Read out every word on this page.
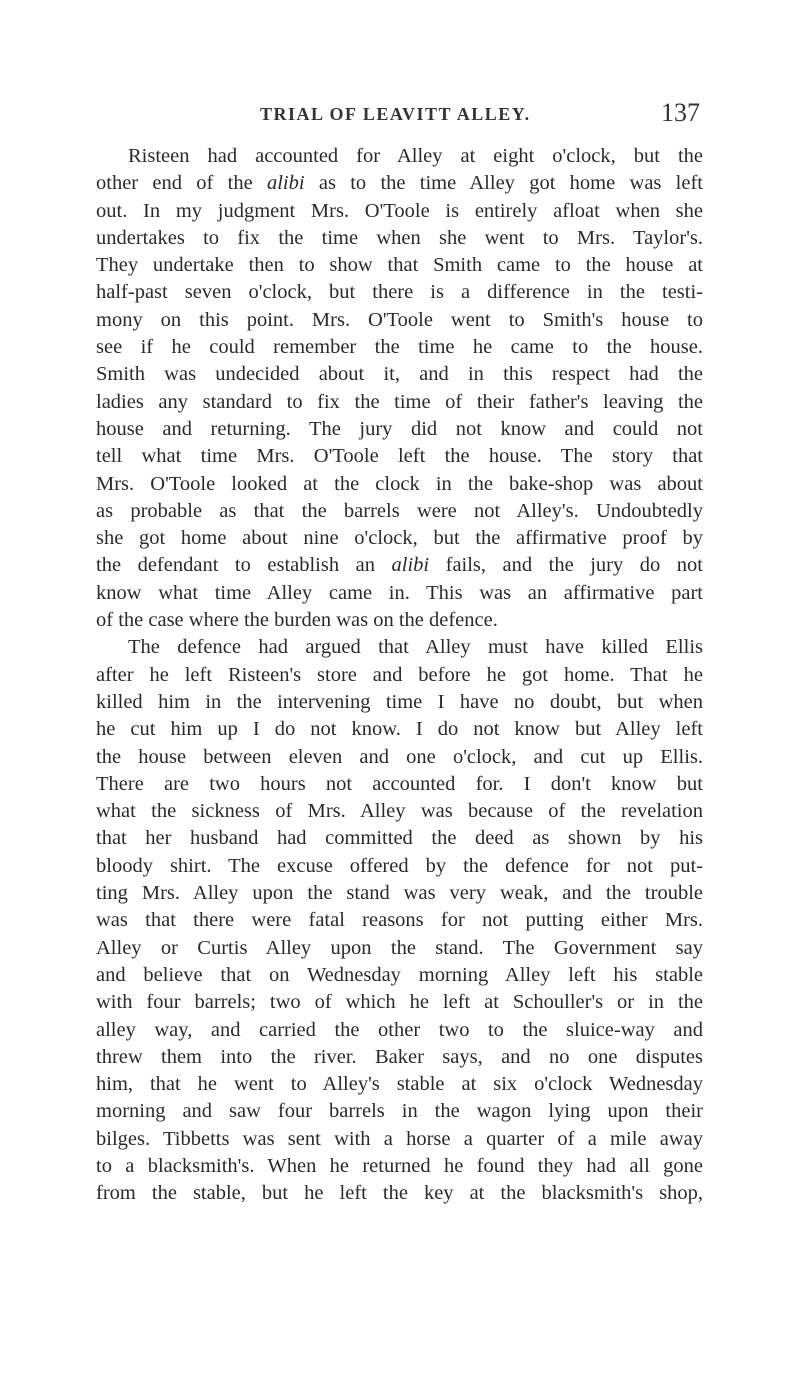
TRIAL OF LEAVITT ALLEY.	137
Risteen had accounted for Alley at eight o'clock, but the
other end of the alibi as to the time Alley got home was left
out. In my judgment Mrs. O'Toole is entirely afloat when she
undertakes to fix the time when she went to Mrs. Taylor's.
They undertake then to show that Smith came to the house at
half-past seven o'clock, but there is a difference in the testi-
mony on this point. Mrs. O'Toole went to Smith's house to
see if he could remember the time he came to the house.
Smith was undecided about it, and in this respect had the
ladies any standard to fix the time of their father's leaving the
house and returning. The jury did not know and could not
tell what time Mrs. O'Toole left the house. The story that
Mrs. O'Toole looked at the clock in the bake-shop was about
as probable as that the barrels were not Alley's. Undoubtedly
she got home about nine o'clock, but the affirmative proof by
the defendant to establish an alibi fails, and the jury do not
know what time Alley came in. This was an affirmative part
of the case where the burden was on the defence.
The defence had argued that Alley must have killed Ellis
after he left Risteen's store and before he got home. That he
killed him in the intervening time I have no doubt, but when
he cut him up I do not know. I do not know but Alley left
the house between eleven and one o'clock, and cut up Ellis.
There are two hours not accounted for. I don't know but
what the sickness of Mrs. Alley was because of the revelation
that her husband had committed the deed as shown by his
bloody shirt. The excuse offered by the defence for not put-
ting Mrs. Alley upon the stand was very weak, and the trouble
was that there were fatal reasons for not putting either Mrs.
Alley or Curtis Alley upon the stand. The Government say
and believe that on Wednesday morning Alley left his stable
with four barrels; two of which he left at Schouller's or in the
alley way, and carried the other two to the sluice-way and
threw them into the river. Baker says, and no one disputes
him, that he went to Alley's stable at six o'clock Wednesday
morning and saw four barrels in the wagon lying upon their
bilges. Tibbetts was sent with a horse a quarter of a mile away
to a blacksmith's. When he returned he found they had all gone
from the stable, but he left the key at the blacksmith's shop,
